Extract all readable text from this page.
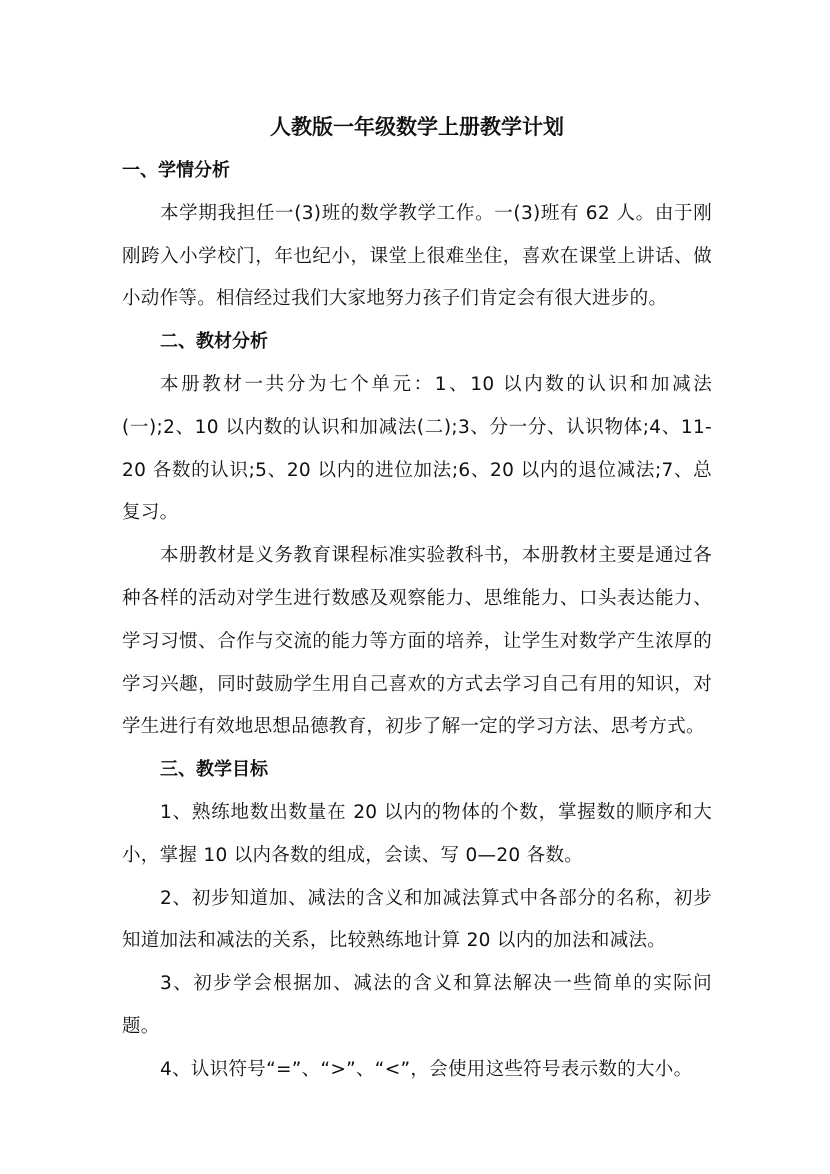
人教版一年级数学上册教学计划
一、学情分析

本学期我担任一(3)班的数学教学工作。一(3)班有 62 人。由于刚刚跨入小学校门，年也纪小，课堂上很难坐住，喜欢在课堂上讲话、做小动作等。相信经过我们大家地努力孩子们肯定会有很大进步的。

二、教材分析

本册教材一共分为七个单元：1、10 以内数的认识和加减法(一);2、10 以内数的认识和加减法(二);3、分一分、认识物体;4、11-20 各数的认识;5、20 以内的进位加法;6、20 以内的退位减法;7、总复习。

本册教材是义务教育课程标准实验教科书，本册教材主要是通过各种各样的活动对学生进行数感及观察能力、思维能力、口头表达能力、学习习惯、合作与交流的能力等方面的培养，让学生对数学产生浓厚的学习兴趣，同时鼓励学生用自己喜欢的方式去学习自己有用的知识，对学生进行有效地思想品德教育，初步了解一定的学习方法、思考方式。

三、教学目标

1、熟练地数出数量在 20 以内的物体的个数，掌握数的顺序和大小，掌握 10 以内各数的组成，会读、写 0—20 各数。

2、初步知道加、减法的含义和加减法算式中各部分的名称，初步知道加法和减法的关系，比较熟练地计算 20 以内的加法和减法。

3、初步学会根据加、减法的含义和算法解决一些简单的实际问题。

4、认识符号“=”、“>”、“<”，会使用这些符号表示数的大小。
